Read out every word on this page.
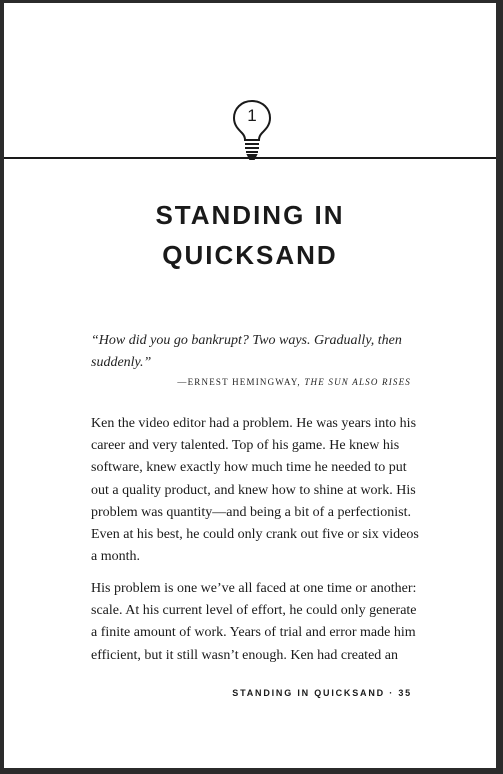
1
STANDING IN
QUICKSAND
“How did you go bankrupt? Two ways. Gradually, then
suddenly.”
—ERNEST HEMINGWAY, THE SUN ALSO RISES
Ken the video editor had a problem. He was years into his
career and very talented. Top of his game. He knew his
software, knew exactly how much time he needed to put
out a quality product, and knew how to shine at work. His
problem was quantity—and being a bit of a perfectionist.
Even at his best, he could only crank out five or six videos
a month.
His problem is one we’ve all faced at one time or another:
scale. At his current level of effort, he could only generate
a finite amount of work. Years of trial and error made him
efficient, but it still wasn’t enough. Ken had created an
STANDING IN QUICKSAND · 35
